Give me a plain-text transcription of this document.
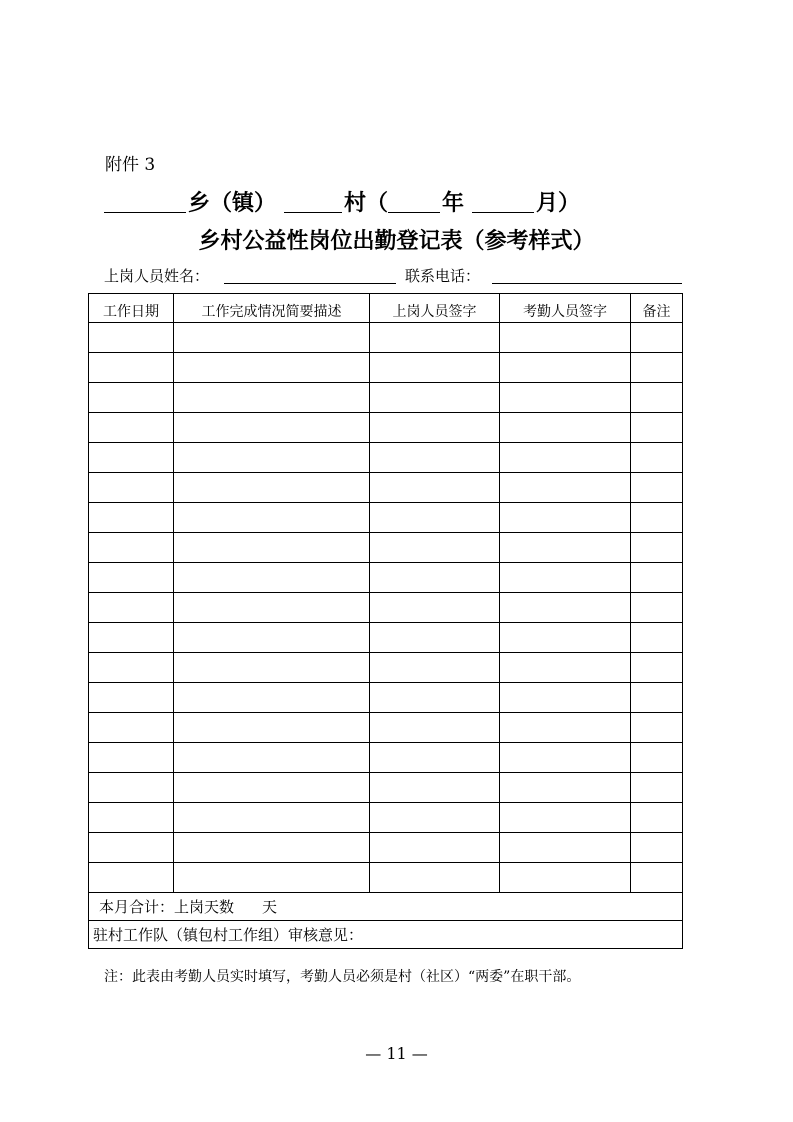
附件 3
乡（镇）	村（ 年	月）
乡村公益性岗位出勤登记表（参考样式）
上岗人员姓名：	联系电话：
工作日期	工作完成情况简要描述	上岗人员签字	考勤人员签字	备注

本月合计：上岗天数 天				
驻村工作队（镇包村工作组）审核意见：				
注：此表由考勤人员实时填写，考勤人员必须是村（社区）“两委”在职干部。
— 11 —
